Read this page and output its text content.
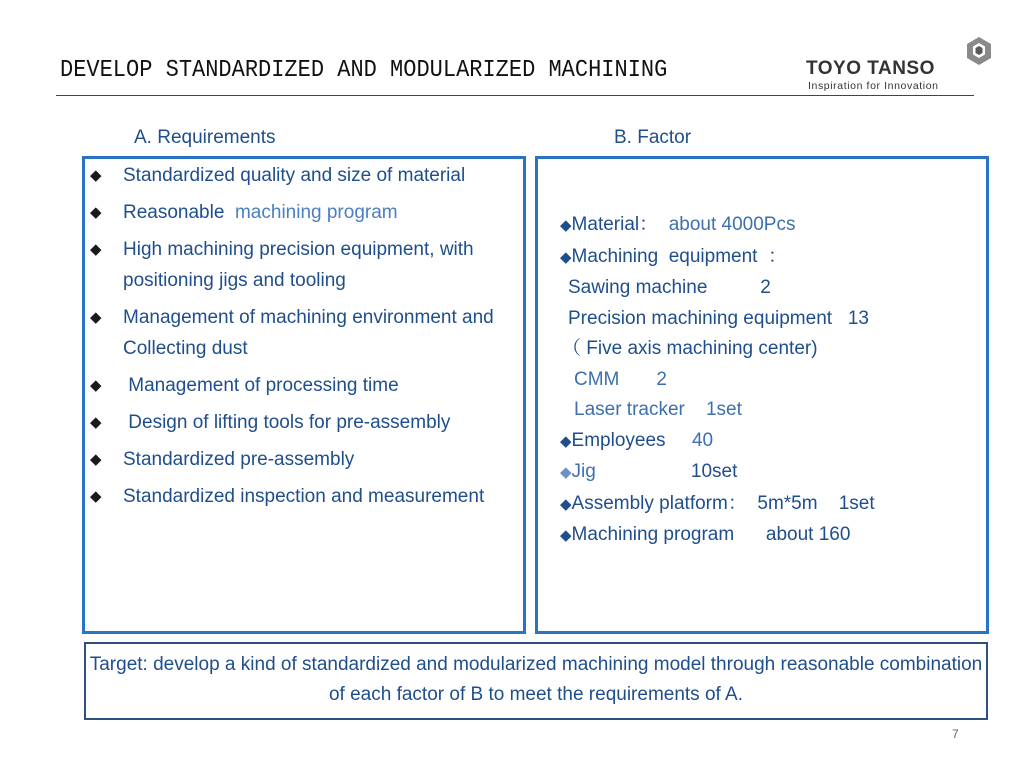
DEVELOP STANDARDIZED AND MODULARIZED MACHINING	TOYO TANSO
Inspiration for Innovation
A. Requirements	B. Factor
◆ Standardized quality and size of material
◆ Reasonable machining program
◆ High machining precision equipment, with positioning jigs and tooling
◆ Management of machining environment and Collecting dust
◆ Management of processing time
◆ Design of lifting tools for pre-assembly
◆ Standardized pre-assembly
◆ Standardized inspection and measurement
◆Material： about 4000Pcs
◆Machining  equipment  ：
Sawing machine          2
Precision machining equipment   13
（ Five axis machining center)
CMM       2
Laser tracker    1set
◆Employees 40
◆Jig	10set
◆Assembly platform： 5m*5m    1set
◆Machining program about 160
Target: develop a kind of standardized and modularized machining model through reasonable combination of each factor of B to meet the requirements of A.
7
